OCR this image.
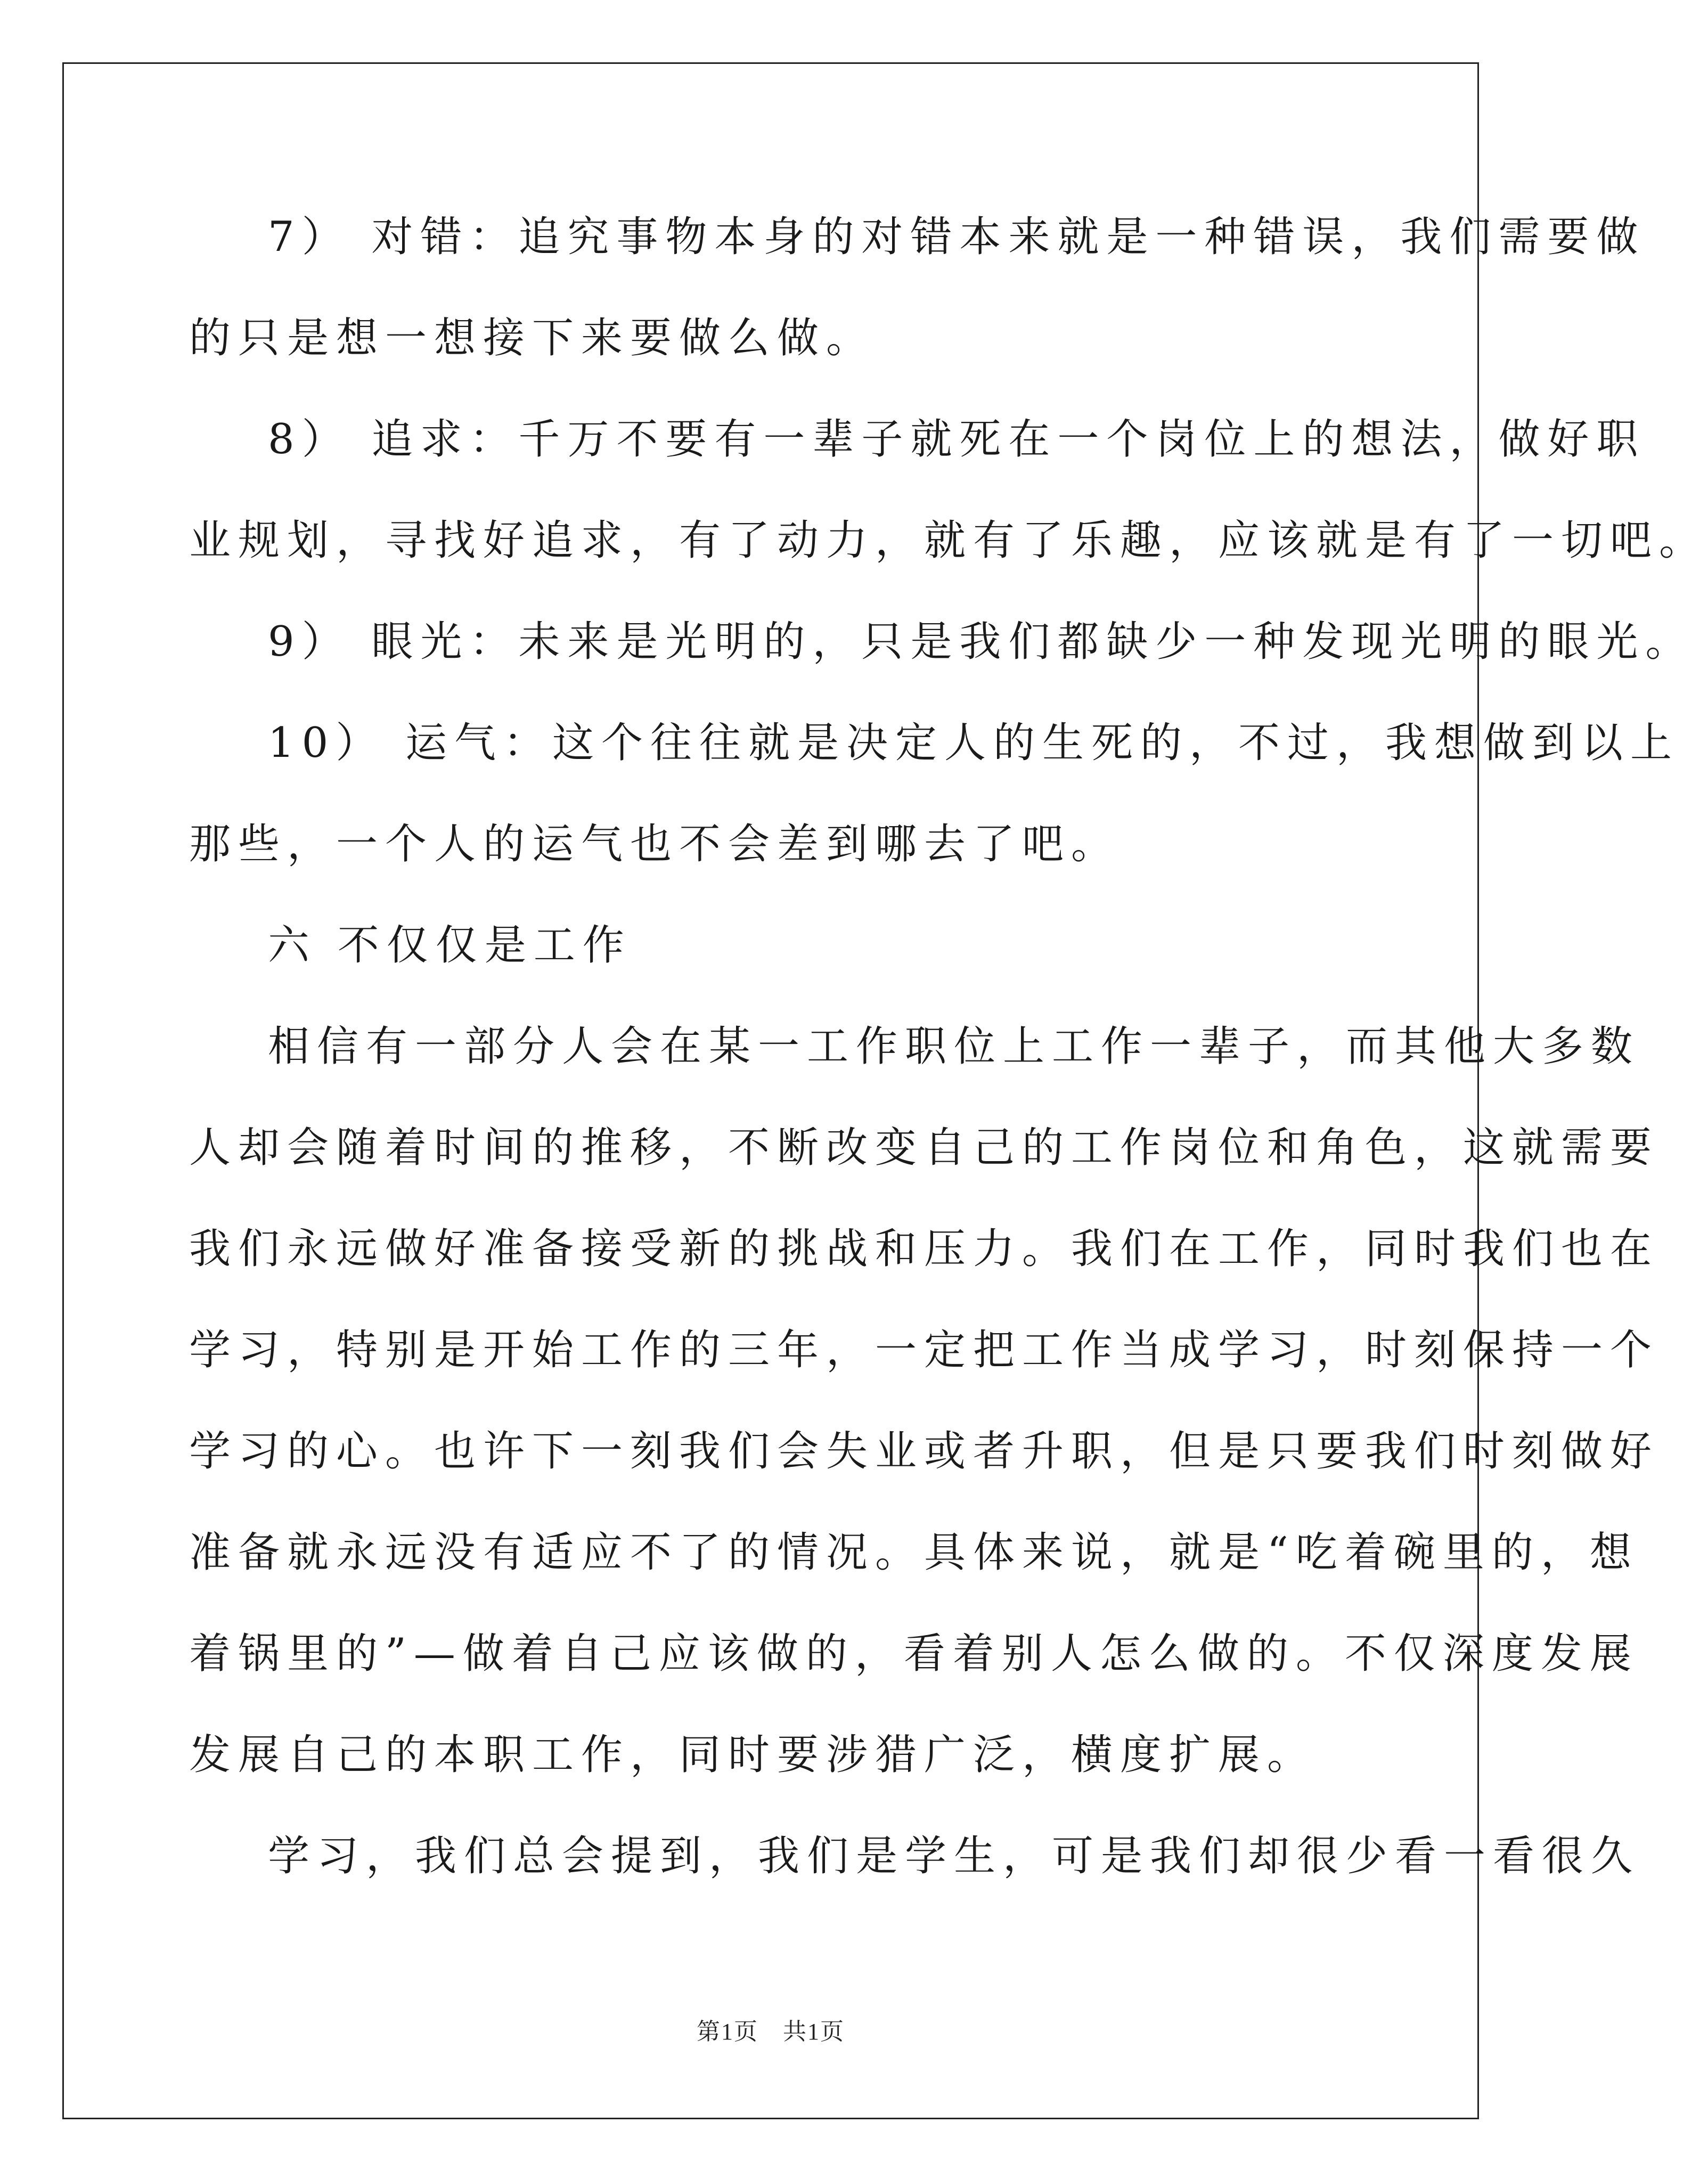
7） 对错：追究事物本身的对错本来就是一种错误，我们需要做
的只是想一想接下来要做么做。
8） 追求：千万不要有一辈子就死在一个岗位上的想法，做好职
业规划，寻找好追求，有了动力，就有了乐趣，应该就是有了一切吧。
9） 眼光：未来是光明的，只是我们都缺少一种发现光明的眼光。
10） 运气：这个往往就是决定人的生死的，不过，我想做到以上
那些，一个人的运气也不会差到哪去了吧。
六 不仅仅是工作
相信有一部分人会在某一工作职位上工作一辈子，而其他大多数
人却会随着时间的推移，不断改变自己的工作岗位和角色，这就需要
我们永远做好准备接受新的挑战和压力。我们在工作，同时我们也在
学习，特别是开始工作的三年，一定把工作当成学习，时刻保持一个
学习的心。也许下一刻我们会失业或者升职，但是只要我们时刻做好
准备就永远没有适应不了的情况。具体来说，就是“吃着碗里的，想
着锅里的”—做着自己应该做的，看着别人怎么做的。不仅深度发展
发展自己的本职工作，同时要涉猎广泛，横度扩展。
学习，我们总会提到，我们是学生，可是我们却很少看一看很久
第1页　共1页
